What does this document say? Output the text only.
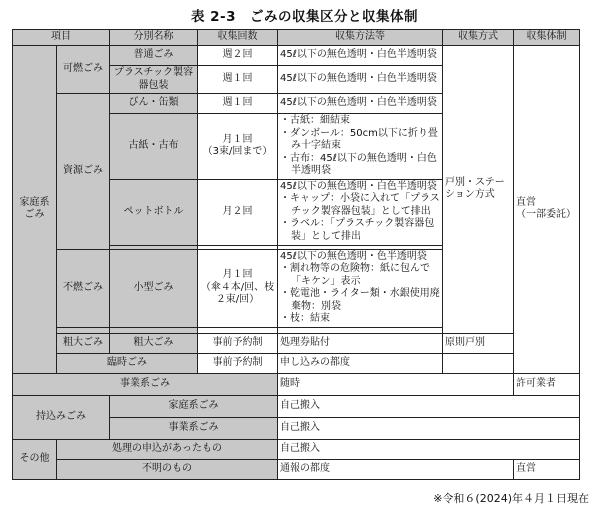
表 2-3　ごみの収集区分と収集体制
項目		分別名称	収集回数	収集方法等	収集方式	収集体制
家庭系ごみ	可燃ごみ	普通ごみ	週２回	45ℓ以下の無色透明・白色半透明袋	戸別・ステーション方式	直営
（一部委託）

		プラスチック製容器包装	週１回	45ℓ以下の無色透明・白色半透明袋		
	資源ごみ	びん・缶類	週１回	45ℓ以下の無色透明・白色半透明袋		
		古紙・古布	月１回
（3束/回まで）	・古紙：細結束
・ダンボール：50cm以下に折り畳み十字結束
・古布：45ℓ以下の無色透明・白色半透明袋		

		ペットボトル	月２回	45ℓ以下の無色透明・白色半透明袋
・キャップ：小袋に入れて「プラスチック製容器包装」として排出
・ラベル：「プラスチック製容器包装」として排出		

	不燃ごみ	小型ごみ	月１回
（傘４本/回、枝２束/回）	45ℓ以下の無色透明・色半透明袋
・割れ物等の危険物：紙に包んで「キケン」表示
・乾電池・ライター類・水銀使用廃棄物：別袋
・枝：結束		

	粗大ごみ	粗大ごみ	事前予約制	処理券貼付	原則戸別	
	臨時ごみ		事前予約制	申し込みの都度		
事業系ごみ				随時		許可業者
持込みごみ		家庭系ごみ		自己搬入		
		事業系ごみ		自己搬入		
その他	処理の申込があったもの			自己搬入		
	不明のもの			通報の都度		直営
※令和６(2024)年４月１日現在
